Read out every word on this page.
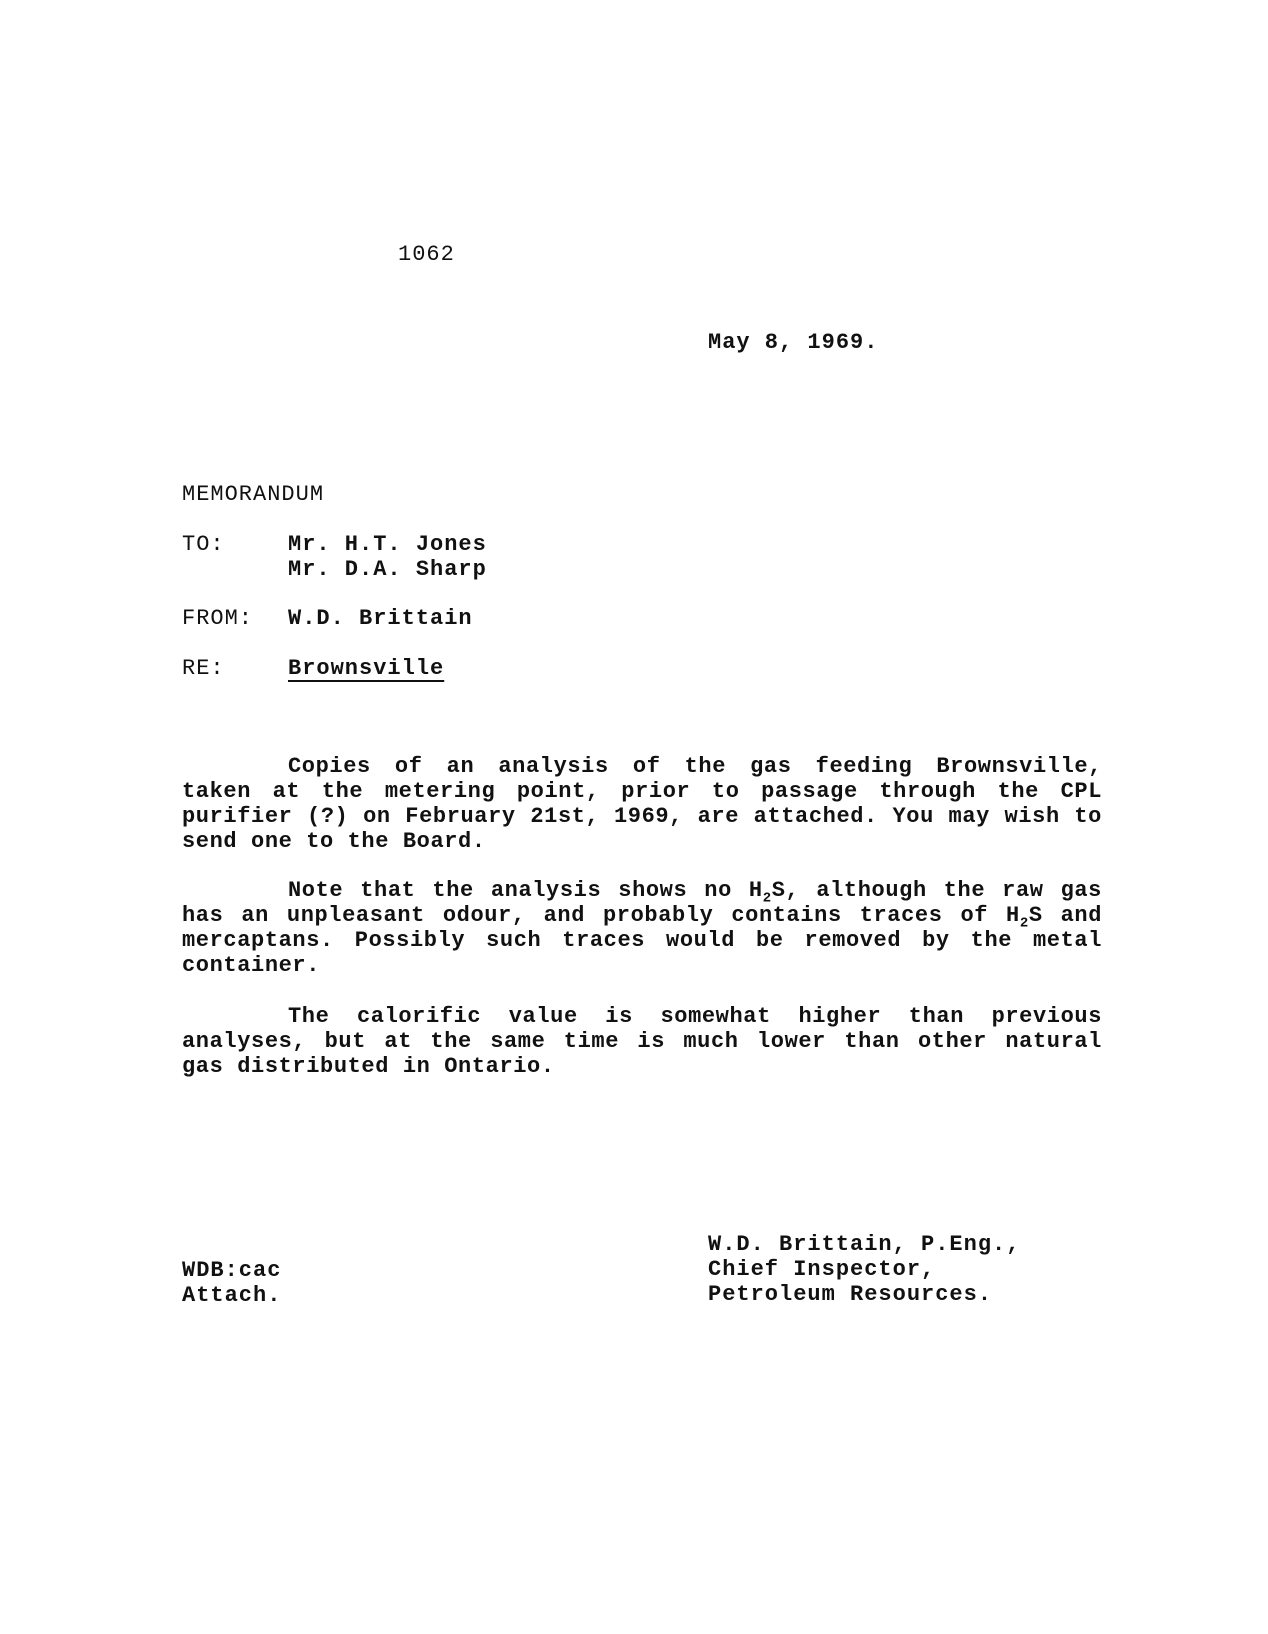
1062
May 8, 1969.
MEMORANDUM
TO:	Mr. H.T. Jones
Mr. D.A. Sharp
FROM: W.D. Brittain
RE:	Brownsville
Copies of an analysis of the gas feeding Brownsville, taken at the metering point, prior to passage through the CPL purifier (?) on February 21st, 1969, are attached. You may wish to send one to the Board.
Note that the analysis shows no $H_2S$, although the raw gas has an unpleasant odour, and probably contains traces of $H_2S$ and mercaptans. Possibly such traces would be removed by the metal container.
The calorific value is somewhat higher than previous analyses, but at the same time is much lower than other natural gas distributed in Ontario.
WDB:cac
Attach.
W.D. Brittain, P.Eng.,
Chief Inspector,
Petroleum Resources.
